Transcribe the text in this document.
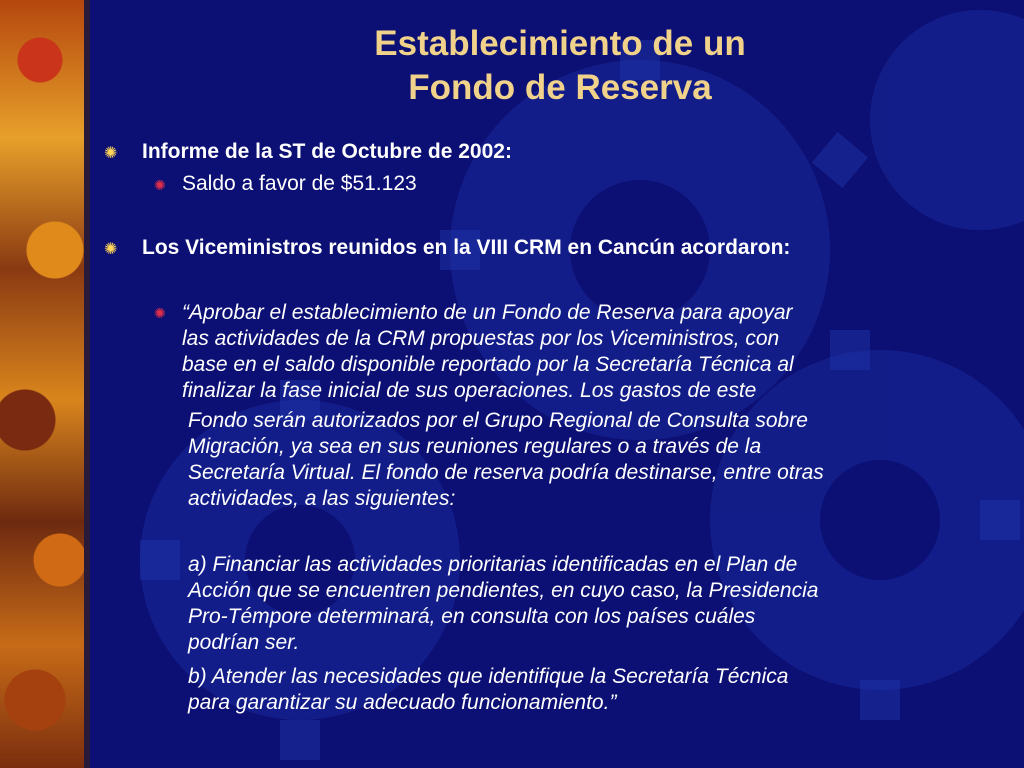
Establecimiento de un
Fondo de Reserva
✺	Informe de la ST de Octubre de 2002:
✺ Saldo a favor de $51.123
✺	Los Viceministros reunidos en la VIII CRM en Cancún acordaron:
✺ “Aprobar el establecimiento de un Fondo de Reserva para apoyar
las actividades de la CRM propuestas por los Viceministros, con
base en el saldo disponible reportado por la Secretaría Técnica al
finalizar la fase inicial de sus operaciones. Los gastos de este
Fondo serán autorizados por el Grupo Regional de Consulta sobre
Migración, ya sea en sus reuniones regulares o a través de la
Secretaría Virtual. El fondo de reserva podría destinarse, entre otras
actividades, a las siguientes:
a) Financiar las actividades prioritarias identificadas en el Plan de
Acción que se encuentren pendientes, en cuyo caso, la Presidencia
Pro-Témpore determinará, en consulta con los países cuáles
podrían ser.
b) Atender las necesidades que identifique la Secretaría Técnica
para garantizar su adecuado funcionamiento.”
